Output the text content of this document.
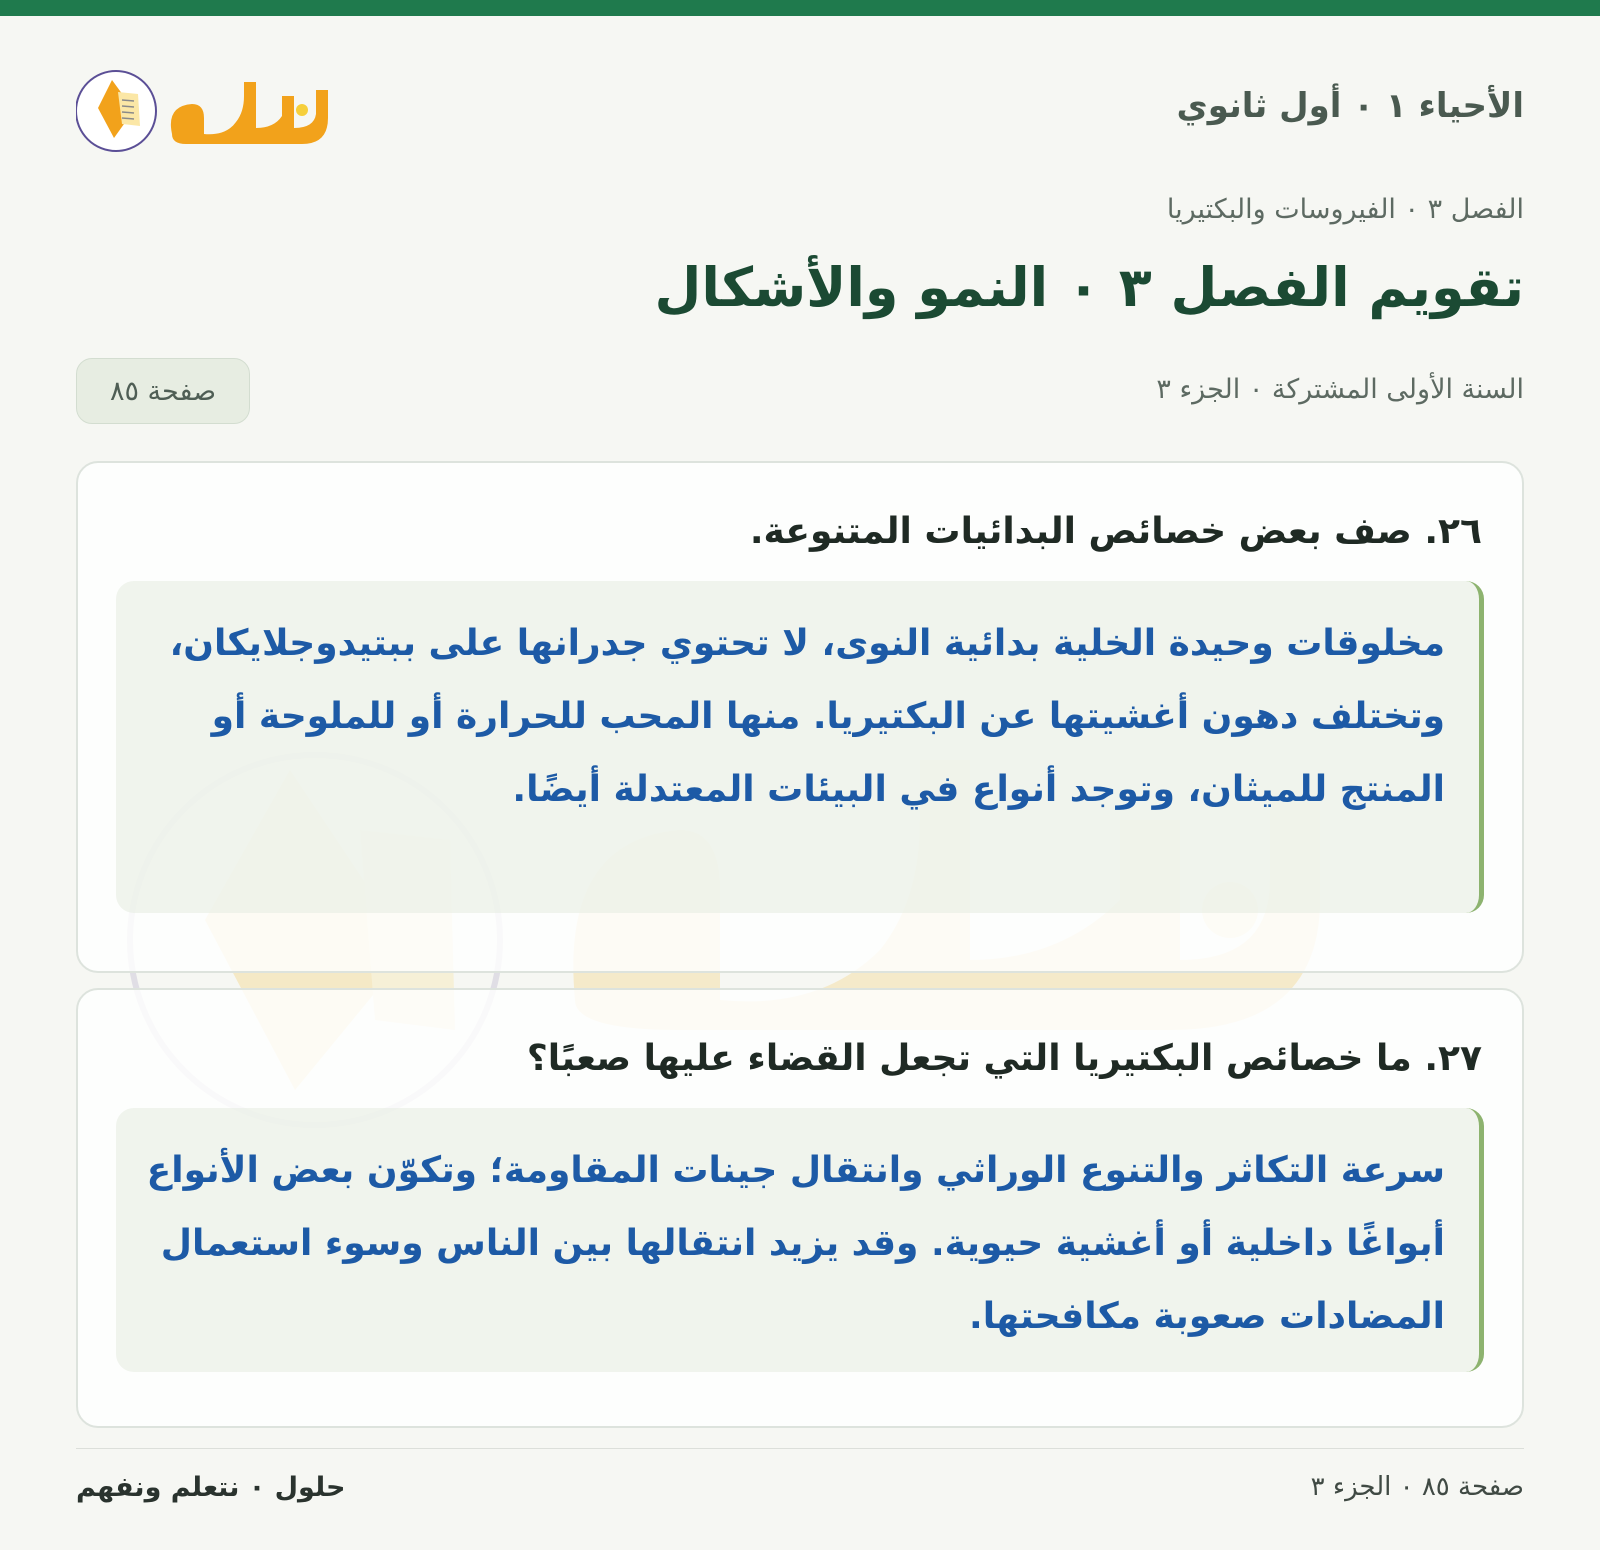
الأحياء ١ ٠ أول ثانوي
الفصل ٣ ٠ الفيروسات والبكتيريا
تقويم الفصل ٣ ٠ النمو والأشكال
السنة الأولى المشتركة ٠ الجزء ٣
صفحة ٨٥
٢٦. صف بعض خصائص البدائيات المتنوعة.
مخلوقات وحيدة الخلية بدائية النوى، لا تحتوي جدرانها على ببتيدوجلايكان، وتختلف دهون أغشيتها عن البكتيريا. منها المحب للحرارة أو للملوحة أو المنتج للميثان، وتوجد أنواع في البيئات المعتدلة أيضًا.
٢٧. ما خصائص البكتيريا التي تجعل القضاء عليها صعبًا؟
سرعة التكاثر والتنوع الوراثي وانتقال جينات المقاومة؛ وتكوّن بعض الأنواع أبواغًا داخلية أو أغشية حيوية. وقد يزيد انتقالها بين الناس وسوء استعمال المضادات صعوبة مكافحتها.
صفحة ٨٥ ٠ الجزء ٣
حلول ٠ نتعلم ونفهم
